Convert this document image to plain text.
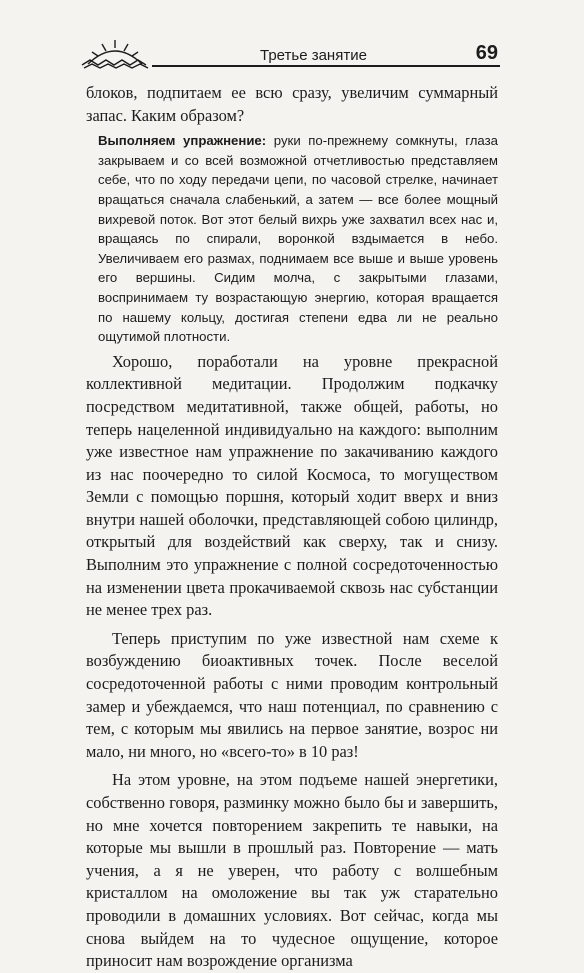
Третье занятие	69

блоков, подпитаем ее всю сразу, увеличим суммарный запас. Каким образом?

Выполняем упражнение: руки по-прежнему сомкнуты, глаза закрываем и со всей возможной отчетливостью представляем себе, что по ходу передачи цепи, по часовой стрелке, начинает вращаться сначала слабенький, а затем — все более мощный вихревой поток. Вот этот белый вихрь уже захватил всех нас и, вращаясь по спирали, воронкой вздымается в небо. Увеличиваем его размах, поднимаем все выше и выше уровень его вершины. Сидим молча, с закрытыми глазами, воспринимаем ту возрастающую энергию, которая вращается по нашему кольцу, достигая степени едва ли не реально ощутимой плотности.

Хорошо, поработали на уровне прекрасной коллективной медитации. Продолжим подкачку посредством медитативной, также общей, работы, но теперь нацеленной индивидуально на каждого: выполним уже известное нам упражнение по закачиванию каждого из нас поочередно то силой Космоса, то могуществом Земли с помощью поршня, который ходит вверх и вниз внутри нашей оболочки, представляющей собою цилиндр, открытый для воздействий как сверху, так и снизу. Выполним это упражнение с полной сосредоточенностью на изменении цвета прокачиваемой сквозь нас субстанции не менее трех раз.

Теперь приступим по уже известной нам схеме к возбуждению биоактивных точек. После веселой сосредоточенной работы с ними проводим контрольный замер и убеждаемся, что наш потенциал, по сравнению с тем, с которым мы явились на первое занятие, возрос ни мало, ни много, но «всего-то» в 10 раз!

На этом уровне, на этом подъеме нашей энергетики, собственно говоря, разминку можно было бы и завершить, но мне хочется повторением закрепить те навыки, на которые мы вышли в прошлый раз. Повторение — мать учения, а я не уверен, что работу с волшебным кристаллом на омоложение вы так уж старательно проводили в домашних условиях. Вот сейчас, когда мы снова выйдем на то чудесное ощущение, которое приносит нам возрождение организма
